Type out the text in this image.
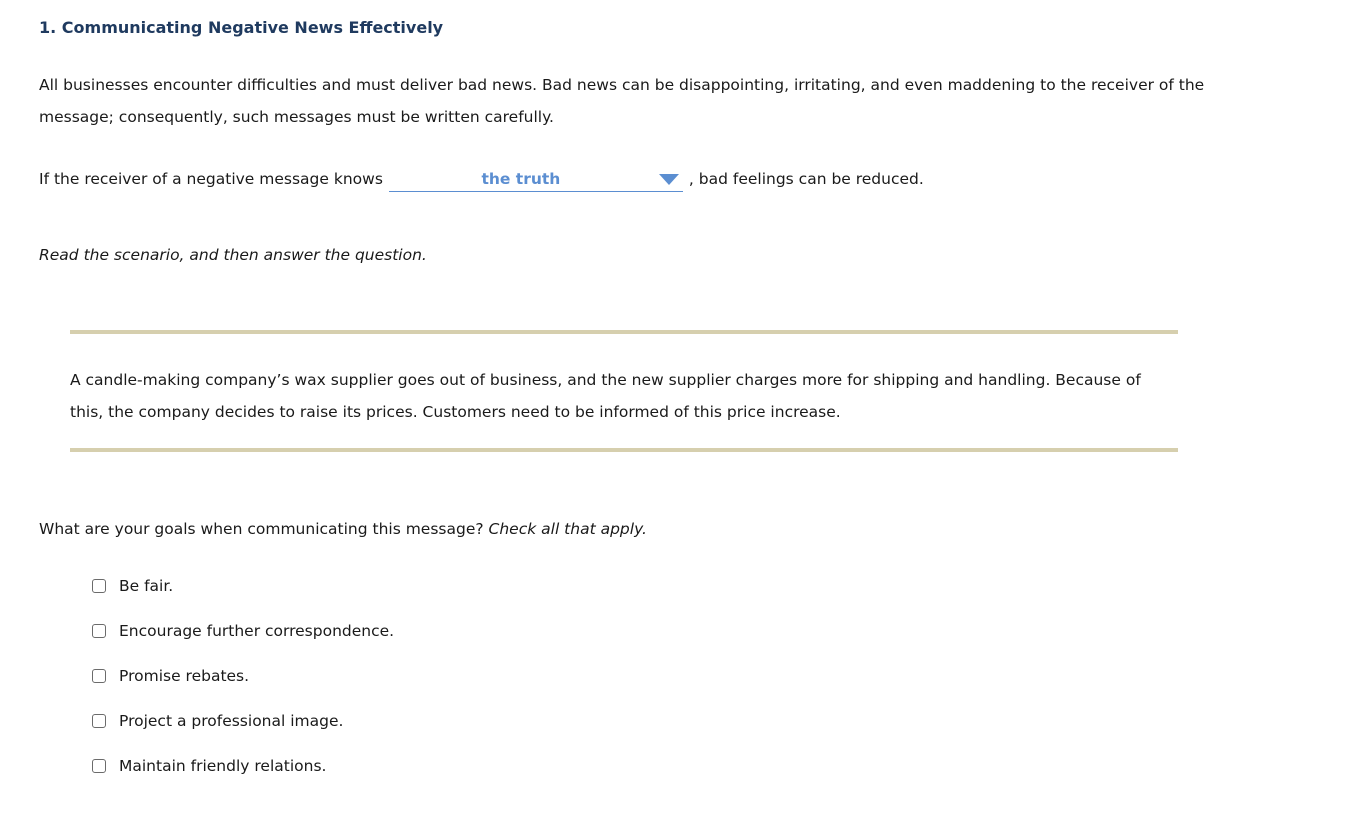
1. Communicating Negative News Effectively
All businesses encounter difficulties and must deliver bad news. Bad news can be disappointing, irritating, and even maddening to the receiver of the message; consequently, such messages must be written carefully.
If the receiver of a negative message knows	the truth	, bad feelings can be reduced.
Read the scenario, and then answer the question.
A candle-making company’s wax supplier goes out of business, and the new supplier charges more for shipping and handling. Because of this, the company decides to raise its prices. Customers need to be informed of this price increase.
What are your goals when communicating this message? Check all that apply.
Be fair.
Encourage further correspondence.
Promise rebates.
Project a professional image.
Maintain friendly relations.
